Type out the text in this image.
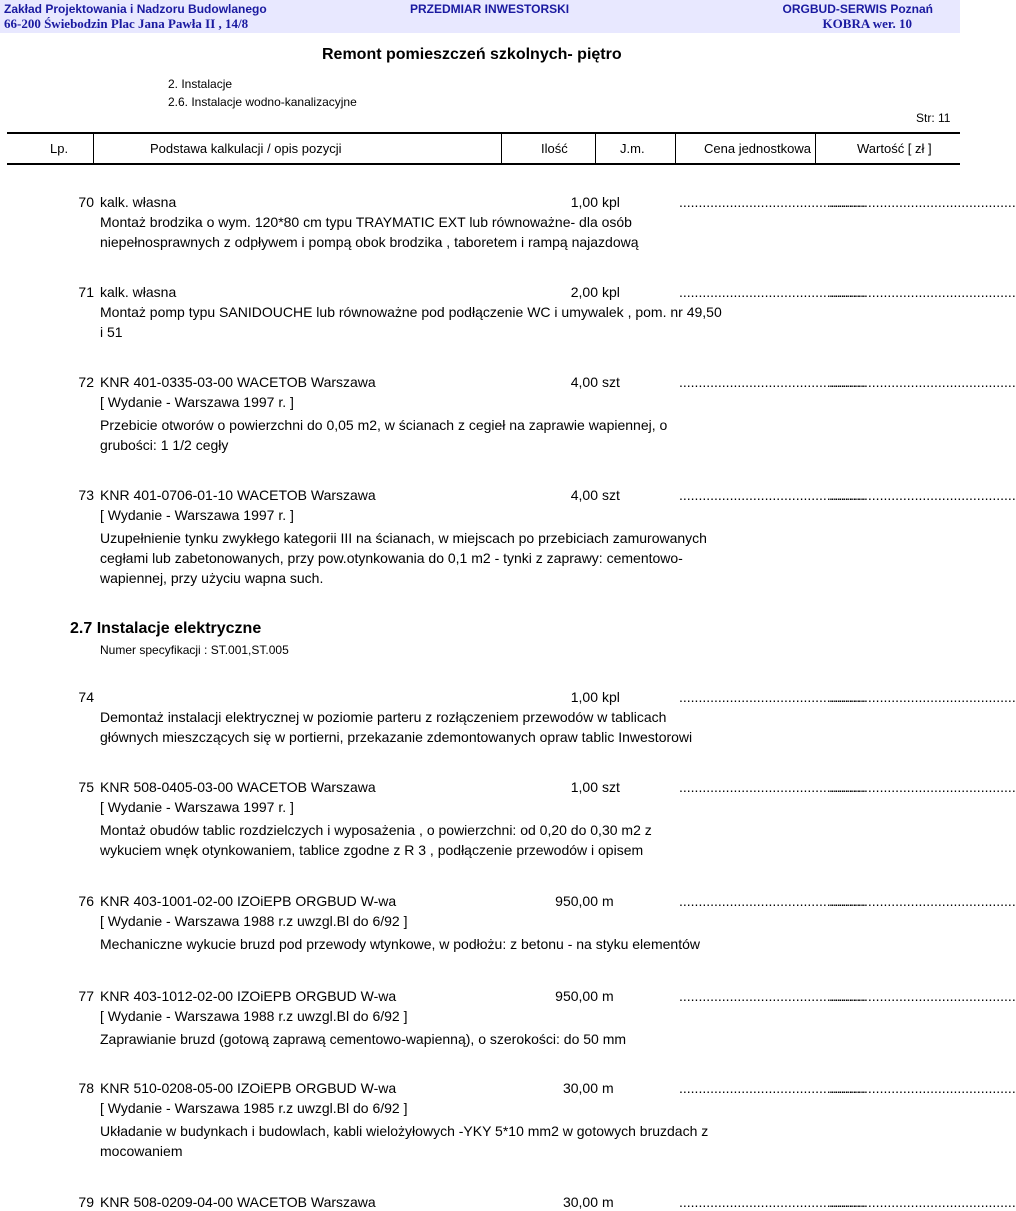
Zakład Projektowania i Nadzoru Budowlanego
66-200 Świebodzin Plac Jana Pawła II , 14/8
PRZEDMIAR INWESTORSKI	ORGBUD-SERWIS Poznań
KOBRA wer. 10
Remont pomieszczeń szkolnych- piętro
2. Instalacje
2.6. Instalacje wodno-kanalizacyjne
Str: 11
Lp.	Podstawa kalkulacji / opis pozycji	Ilość	J.m.	Cena jednostkowa	Wartość [ zł ]
70 kalk. własna	1,00 kpl	................................................
................................................
Montaż brodzika o wym. 120*80 cm typu TRAYMATIC EXT lub równoważne- dla osób
niepełnosprawnych z odpływem i pompą obok brodzika , taboretem i rampą najazdową
71 kalk. własna	2,00 kpl	................................................
................................................
Montaż pomp typu SANIDOUCHE lub równoważne pod podłączenie WC i umywalek , pom. nr 49,50
i 51
72 KNR 401-0335-03-00 WACETOB Warszawa	4,00 szt	................................................
................................................
[ Wydanie - Warszawa 1997 r. ]
Przebicie otworów o powierzchni do 0,05 m2, w ścianach z cegieł na zaprawie wapiennej, o
grubości: 1 1/2 cegły
73 KNR 401-0706-01-10 WACETOB Warszawa	4,00 szt	................................................
................................................
[ Wydanie - Warszawa 1997 r. ]
Uzupełnienie tynku zwykłego kategorii III na ścianach, w miejscach po przebiciach zamurowanych
cegłami lub zabetonowanych, przy pow.otynkowania do 0,1 m2 - tynki z zaprawy: cementowo-
wapiennej, przy użyciu wapna such.
2.7 Instalacje elektryczne
Numer specyfikacji : ST.001,ST.005
74	1,00 kpl	................................................
................................................
Demontaż instalacji elektrycznej w poziomie parteru z rozłączeniem przewodów w tablicach
głównych mieszczących się w portierni, przekazanie zdemontowanych opraw tablic Inwestorowi
75 KNR 508-0405-03-00 WACETOB Warszawa	1,00 szt	................................................
................................................
[ Wydanie - Warszawa 1997 r. ]
Montaż obudów tablic rozdzielczych i wyposażenia , o powierzchni: od 0,20 do 0,30 m2 z
wykuciem wnęk otynkowaniem, tablice zgodne z R 3 , podłączenie przewodów i opisem
76 KNR 403-1001-02-00 IZOiEPB ORGBUD W-wa	950,00 m	................................................
................................................
[ Wydanie - Warszawa 1988 r.z uwzgl.Bl do 6/92 ]
Mechaniczne wykucie bruzd pod przewody wtynkowe, w podłożu: z betonu - na styku elementów
77 KNR 403-1012-02-00 IZOiEPB ORGBUD W-wa	950,00 m	................................................
................................................
[ Wydanie - Warszawa 1988 r.z uwzgl.Bl do 6/92 ]
Zaprawianie bruzd (gotową zaprawą cementowo-wapienną), o szerokości: do 50 mm
78 KNR 510-0208-05-00 IZOiEPB ORGBUD W-wa	30,00 m	................................................
................................................
[ Wydanie - Warszawa 1985 r.z uwzgl.Bl do 6/92 ]
Układanie w budynkach i budowlach, kabli wielożyłowych -YKY 5*10 mm2 w gotowych bruzdach z
mocowaniem
79 KNR 508-0209-04-00 WACETOB Warszawa	30,00 m	................................................
................................................
